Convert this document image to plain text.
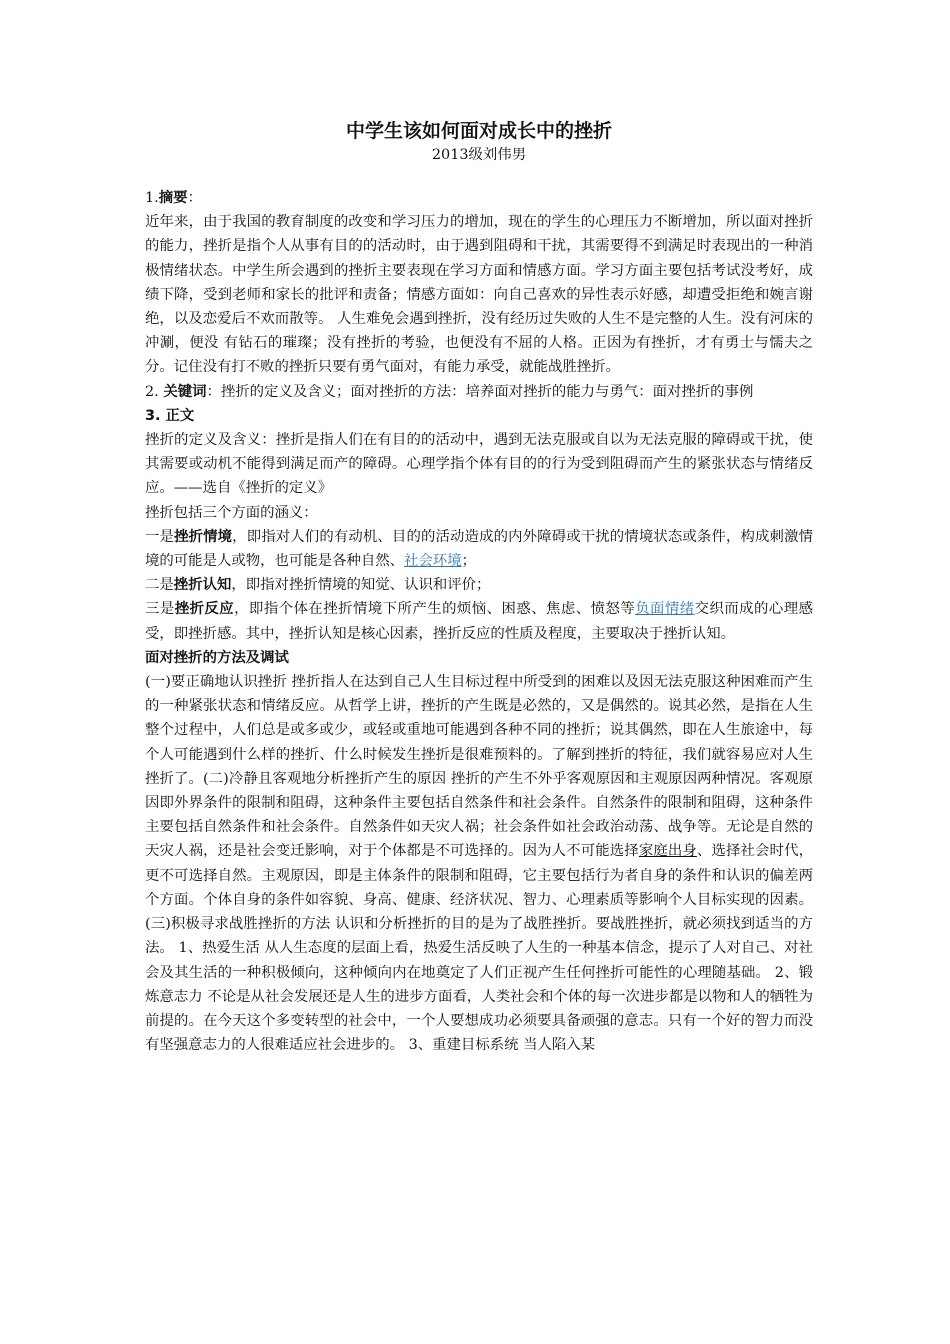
中学生该如何面对成长中的挫折

2013级刘伟男

1.摘要：

近年来，由于我国的教育制度的改变和学习压力的增加，现在的学生的心理压力不断增加，所以面对挫折的能力，挫折是指个人从事有目的的活动时，由于遇到阻碍和干扰，其需要得不到满足时表现出的一种消极情绪状态。中学生所会遇到的挫折主要表现在学习方面和情感方面。学习方面主要包括考试没考好，成绩下降，受到老师和家长的批评和责备；情感方面如：向自己喜欢的异性表示好感，却遭受拒绝和婉言谢绝，以及恋爱后不欢而散等。 人生难免会遇到挫折，没有经历过失败的人生不是完整的人生。没有河床的冲涮，便没 有钻石的璀璨；没有挫折的考验，也便没有不屈的人格。正因为有挫折，才有勇士与懦夫之分。记住没有打不败的挫折只要有勇气面对，有能力承受，就能战胜挫折。

2. 关键词：挫折的定义及含义；面对挫折的方法：培养面对挫折的能力与勇气：面对挫折的事例

3. 正文

挫折的定义及含义：挫折是指人们在有目的的活动中，遇到无法克服或自以为无法克服的障碍或干扰，使其需要或动机不能得到满足而产的障碍。心理学指个体有目的的行为受到阻碍而产生的紧张状态与情绪反应。——选自《挫折的定义》

挫折包括三个方面的涵义：

一是挫折情境，即指对人们的有动机、目的的活动造成的内外障碍或干扰的情境状态或条件，构成刺激情境的可能是人或物，也可能是各种自然、社会环境；

二是挫折认知，即指对挫折情境的知觉、认识和评价；

三是挫折反应，即指个体在挫折情境下所产生的烦恼、困惑、焦虑、愤怒等负面情绪交织而成的心理感受，即挫折感。其中，挫折认知是核心因素，挫折反应的性质及程度，主要取决于挫折认知。

面对挫折的方法及调试

(一)要正确地认识挫折 挫折指人在达到自己人生目标过程中所受到的困难以及因无法克服这种困难而产生的一种紧张状态和情绪反应。从哲学上讲，挫折的产生既是必然的，又是偶然的。说其必然，是指在人生整个过程中，人们总是或多或少，或轻或重地可能遇到各种不同的挫折；说其偶然，即在人生旅途中，每个人可能遇到什么样的挫折、什么时候发生挫折是很难预料的。了解到挫折的特征，我们就容易应对人生挫折了。(二)冷静且客观地分析挫折产生的原因 挫折的产生不外乎客观原因和主观原因两种情况。客观原因即外界条件的限制和阻碍，这种条件主要包括自然条件和社会条件。自然条件的限制和阻碍，这种条件主要包括自然条件和社会条件。自然条件如天灾人祸；社会条件如社会政治动荡、战争等。无论是自然的天灾人祸，还是社会变迁影响，对于个体都是不可选择的。因为人不可能选择家庭出身、选择社会时代，更不可选择自然。主观原因，即是主体条件的限制和阻碍，它主要包括行为者自身的条件和认识的偏差两个方面。个体自身的条件如容貌、身高、健康、经济状况、智力、心理素质等影响个人目标实现的因素。 (三)积极寻求战胜挫折的方法 认识和分析挫折的目的是为了战胜挫折。要战胜挫折，就必须找到适当的方法。 1、热爱生活 从人生态度的层面上看，热爱生活反映了人生的一种基本信念，提示了人对自己、对社会及其生活的一种积极倾向，这种倾向内在地奠定了人们正视产生任何挫折可能性的心理随基础。 2、锻炼意志力 不论是从社会发展还是人生的进步方面看，人类社会和个体的每一次进步都是以物和人的牺牲为前提的。在今天这个多变转型的社会中，一个人要想成功必须要具备顽强的意志。只有一个好的智力而没有坚强意志力的人很难适应社会进步的。 3、重建目标系统 当人陷入某
